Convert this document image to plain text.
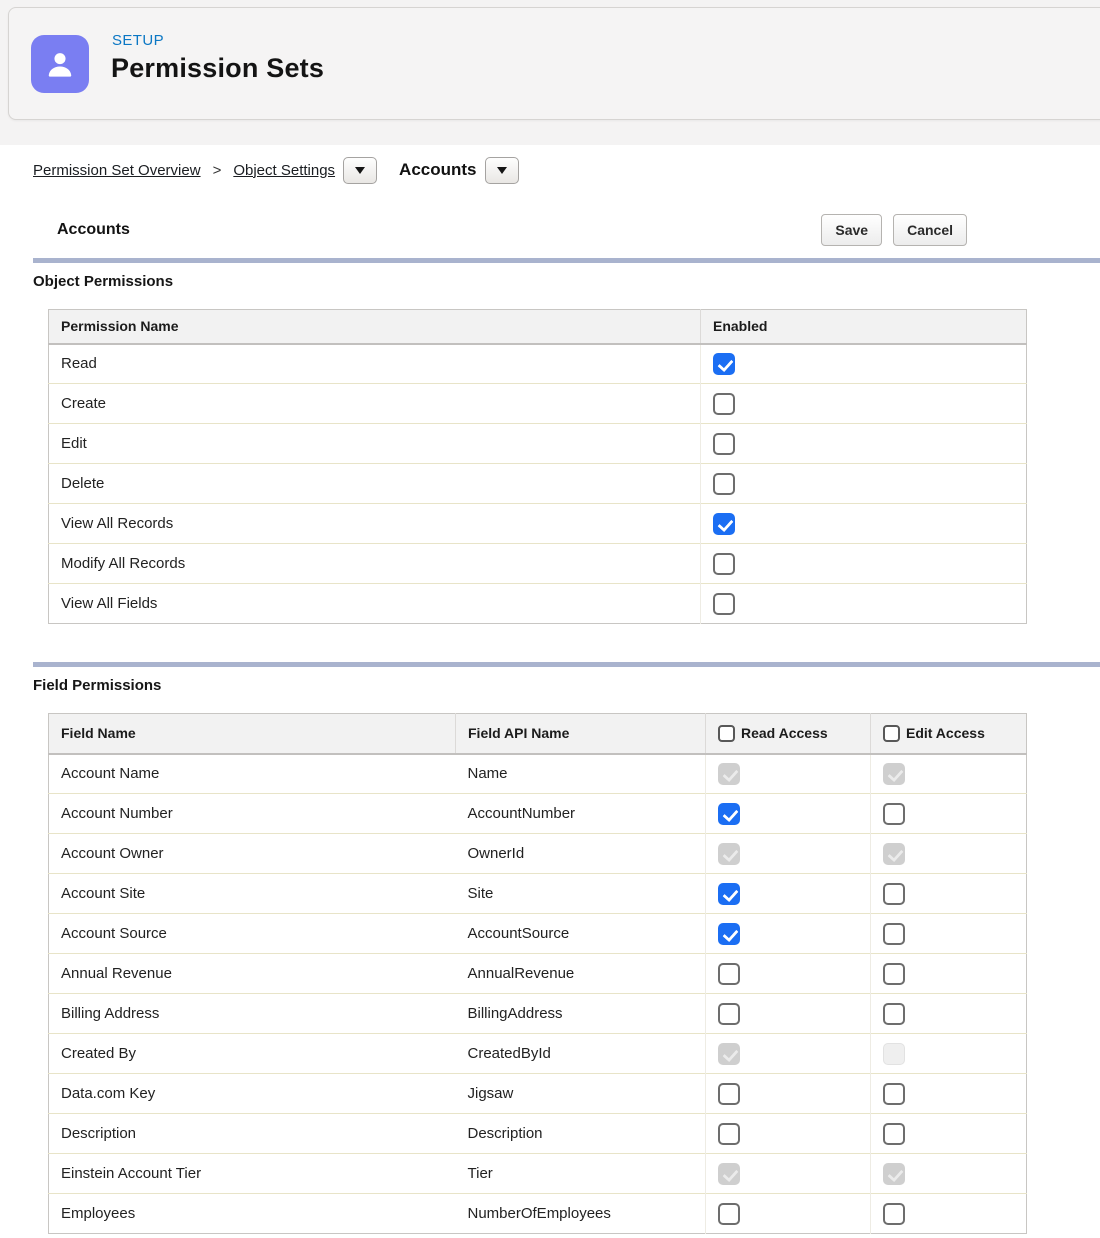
SETUP
Permission Sets
Permission Set Overview > Object Settings	Accounts
Accounts	Save	Cancel
Object Permissions
Permission Name	Enabled
Read	
Create	
Edit	
Delete	
View All Records	
Modify All Records	
View All Fields	
Field Permissions
Field Name	Field API Name	Read Access	Edit Access

Account Name	Name		
Account Number	AccountNumber		
Account Owner	OwnerId		
Account Site	Site		
Account Source	AccountSource		
Annual Revenue	AnnualRevenue		
Billing Address	BillingAddress		
Created By	CreatedById		
Data.com Key	Jigsaw		
Description	Description		
Einstein Account Tier	Tier		
Employees	NumberOfEmployees		
